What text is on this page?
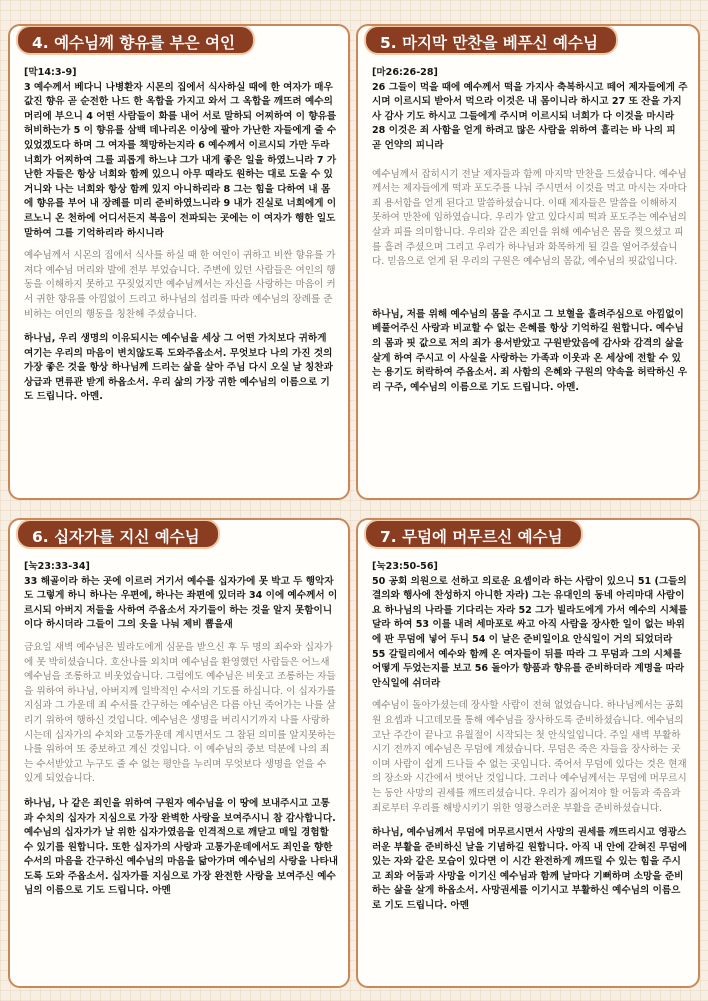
4. 예수님께 향유를 부은 여인
[막14:3-9]
3 예수께서 베다니 나병환자 시몬의 집에서 식사하실 때에 한 여자가 매우 값진 향유 곧 순전한 나드 한 옥합을 가지고 와서 그 옥합을 깨뜨려 예수의 머리에 부으니 4 어떤 사람들이 화를 내어 서로 말하되 어찌하여 이 향유를 허비하는가 5 이 향유를 삼백 데나리온 이상에 팔아 가난한 자들에게 줄 수 있었겠도다 하며 그 여자를 책망하는지라 6 예수께서 이르시되 가만 두라 너희가 어찌하여 그를 괴롭게 하느냐 그가 내게 좋은 일을 하였느니라 7 가난한 자들은 항상 너희와 함께 있으니 아무 때라도 원하는 대로 도울 수 있거니와 나는 너희와 항상 함께 있지 아니하리라 8 그는 힘을 다하여 내 몸에 향유를 부어 내 장례를 미리 준비하였느니라 9 내가 진실로 너희에게 이르노니 온 천하에 어디서든지 복음이 전파되는 곳에는 이 여자가 행한 일도 말하여 그를 기억하리라 하시니라
예수님께서 시몬의 집에서 식사를 하실 때 한 여인이 귀하고 비싼 향유를 가져다 예수님 머리와 발에 전부 부었습니다. 주변에 있던 사람들은 여인의 행동을 이해하지 못하고 꾸짖었지만 예수님께서는 자신을 사랑하는 마음이 커서 귀한 향유를 아낌없이 드리고 하나님의 섭리를 따라 예수님의 장례를 준비하는 여인의 행동을 칭찬해 주셨습니다.
하나님, 우리 생명의 이유되시는 예수님을 세상 그 어떤 가치보다 귀하게 여기는 우리의 마음이 변치않도록 도와주옵소서. 무엇보다 나의 가진 것의 가장 좋은 것을 항상 하나님께 드리는 삶을 살아 주님 다시 오실 날 칭찬과 상급과 면류관 받게 하옵소서. 우리 삶의 가장 귀한 예수님의 이름으로 기도 드립니다. 아멘.
5. 마지막 만찬을 베푸신 예수님
[마26:26-28]
26 그들이 먹을 때에 예수께서 떡을 가지사 축복하시고 떼어 제자들에게 주시며 이르시되 받아서 먹으라 이것은 내 몸이니라 하시고 27 또 잔을 가지사 감사 기도 하시고 그들에게 주시며 이르시되 너희가 다 이것을 마시라 28 이것은 죄 사함을 얻게 하려고 많은 사람을 위하여 흘리는 바 나의 피 곧 언약의 피니라
예수님께서 잡히시기 전날 제자들과 함께 마지막 만찬을 드셨습니다. 예수님께서는 제자들에게 떡과 포도주를 나눠 주시면서 이것을 먹고 마시는 자마다 죄 용서함을 얻게 된다고 말씀하셨습니다. 이때 제자들은 말씀을 이해하지 못하여 만찬에 임하였습니다. 우리가 알고 있다시피 떡과 포도주는 예수님의 살과 피를 의미합니다. 우리와 같은 죄인을 위해 예수님은 몸을 찢으셨고 피를 흘려 주셨으며 그리고 우리가 하나님과 화목하게 될 길을 열어주셨습니다. 믿음으로 얻게 된 우리의 구원은 예수님의 몸값, 예수님의 핏값입니다.
하나님, 저를 위해 예수님의 몸을 주시고 그 보혈을 흘려주심으로 아낌없이 베풀어주신 사랑과 비교할 수 없는 은혜를 항상 기억하길 원합니다. 예수님의 몸과 핏 값으로 저의 죄가 용서받았고 구원받았음에 감사와 감격의 삶을 살게 하여 주시고 이 사실을 사랑하는 가족과 이웃과 온 세상에 전할 수 있는 용기도 허락하여 주옵소서. 죄 사함의 은혜와 구원의 약속을 허락하신 우리 구주, 예수님의 이름으로 기도 드립니다. 아멘.
6. 십자가를 지신 예수님
[눅23:33-34]
33 해골이라 하는 곳에 이르러 거기서 예수를 십자가에 못 박고 두 행악자도 그렇게 하니 하나는 우편에, 하나는 좌편에 있더라 34 이에 예수께서 이르시되 아버지 저들을 사하여 주옵소서 자기들이 하는 것을 알지 못함이니이다 하시더라 그들이 그의 옷을 나눠 제비 뽑을새
금요일 새벽 예수님은 빌라도에게 심문을 받으신 후 두 명의 죄수와 십자가에 못 박히셨습니다. 호산나를 외치며 예수님을 환영했던 사람들은 어느새 예수님을 조롱하고 비웃었습니다. 그럼에도 예수님은 비웃고 조롱하는 자들을 위하여 하나님, 아버지께 일박적인 수서의 기도를 하십니다. 이 십자가를 지심과 그 가운데 죄 수서를 간구하는 예수님은 다름 아닌 죽어가는 나를 살리기 위하여 행하신 것입니다. 예수님은 생명을 버리시기까지 나를 사랑하시는데 십자가의 수치와 고통가운데 계시면서도 그 참된 의미를 알지못하는 나를 위하여 또 중보하고 계신 것입니다. 이 예수님의 중보 덕분에 나의 죄는 수서받았고 누구도 줄 수 없는 평안을 누리며 무엇보다 생명을 얻을 수 있게 되었습니다.
하나님, 나 같은 죄인을 위하여 구원자 예수님을 이 땅에 보내주시고 고통과 수치의 십자가 지심으로 가장 완벽한 사랑을 보여주시니 참 감사합니다. 예수님의 십자가가 날 위한 십자가였음을 인격적으로 깨닫고 매일 경험할 수 있기를 원합니다. 또한 십자가의 사랑과 고통가운데에서도 죄인을 향한 수서의 마음을 간구하신 예수님의 마음을 닮아가며 예수님의 사랑을 나타내도록 도와 주옵소서. 십자가를 지심으로 가장 완전한 사랑을 보여주신 예수님의 이름으로 기도 드립니다. 아멘
7. 무덤에 머무르신 예수님
[눅23:50-56]
50 공회 의원으로 선하고 의로운 요셉이라 하는 사람이 있으니 51 (그들의 결의와 행사에 찬성하지 아니한 자라) 그는 유대인의 동네 아리마대 사람이요 하나님의 나라를 기다리는 자라 52 그가 빌라도에게 가서 예수의 시체를 달라 하여 53 이를 내려 세마포로 싸고 아직 사람을 장사한 일이 없는 바위에 판 무덤에 넣어 두니 54 이 날은 준비일이요 안식일이 거의 되었더라 55 갈릴리에서 예수와 함께 온 여자들이 뒤를 따라 그 무덤과 그의 시체를 어떻게 두었는지를 보고 56 돌아가 향품과 향유를 준비하더라 계명을 따라 안식일에 쉬더라
예수님이 돌아가셨는데 장사할 사람이 전혀 없었습니다. 하나님께서는 공회원 요셉과 니고데모를 통해 예수님을 장사하도록 준비하셨습니다. 예수님의 고난 주간이 끝나고 유월절이 시작되는 첫 안식일입니다. 주일 새벽 부활하시기 전까지 예수님은 무덤에 계셨습니다. 무덤은 죽은 자들을 장사하는 곳이며 사람이 쉽게 드나들 수 없는 곳입니다. 죽어서 무덤에 있다는 것은 현재의 장소와 시간에서 벗어난 것입니다. 그러나 예수님께서는 무덤에 머무르시는 동안 사망의 권세를 깨뜨리셨습니다. 우리가 짊어져야 할 어둠과 죽음과 죄로부터 우리를 해방시키기 위한 영광스러운 부활을 준비하셨습니다.
하나님, 예수님께서 무덤에 머무르시면서 사망의 권세를 깨뜨리시고 영광스러운 부활을 준비하신 날을 기념하길 원합니다. 아직 내 안에 갇혀진 무덤에 있는 자와 같은 모습이 있다면 이 시간 완전하게 깨뜨릴 수 있는 힘을 주시고 죄와 어둠과 사망을 이기신 예수님과 함께 날마다 기뻐하며 소망을 준비하는 삶을 살게 하옵소서. 사망권세를 이기시고 부활하신 예수님의 이름으로 기도 드립니다. 아멘
